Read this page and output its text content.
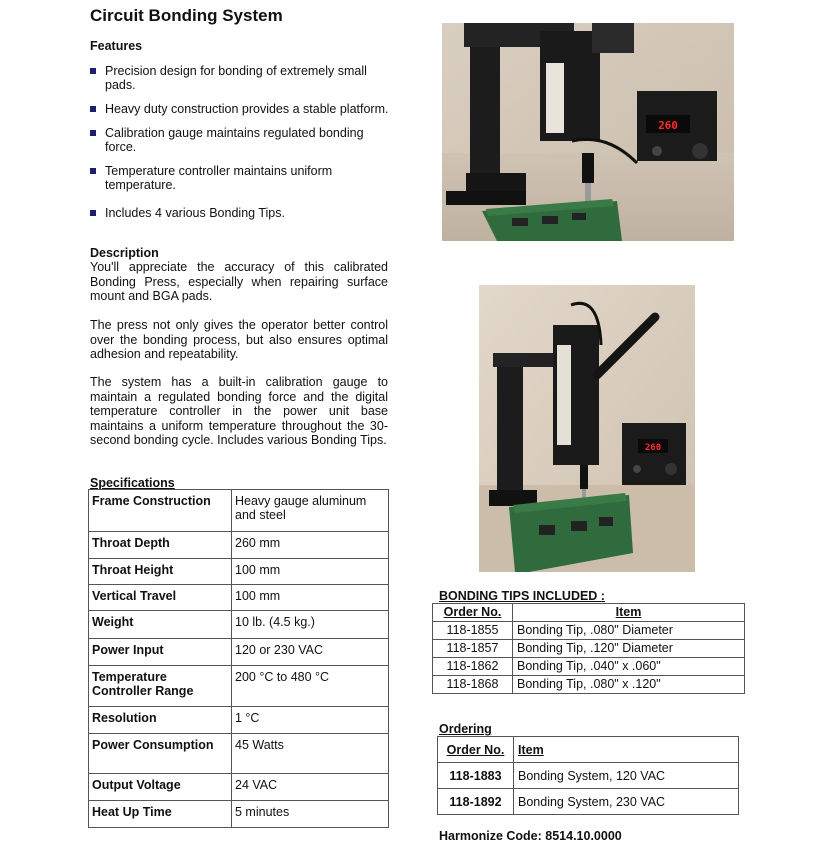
Circuit Bonding System
Features
Precision design for bonding of extremely small pads.
Heavy duty construction provides a stable platform.
Calibration gauge maintains regulated bonding force.
Temperature controller maintains uniform temperature.
Includes 4 various Bonding Tips.
Description

You'll appreciate the accuracy of this calibrated Bonding Press, especially when repairing surface mount and BGA pads.

The press not only gives the operator better control over the bonding process, but also ensures optimal adhesion and repeatability.

The system has a built-in calibration gauge to maintain a regulated bonding force and the digital temperature controller in the power unit base maintains a uniform temperature throughout the 30-second bonding cycle. Includes various Bonding Tips.

Specifications
Frame Construction	Heavy gauge aluminum and steel
Throat Depth	260 mm
Throat Height	100 mm
Vertical Travel	100 mm
Weight	10 lb. (4.5 kg.)
Power Input	120 or 230 VAC
Temperature Controller Range	200 °C to 480 °C
Resolution	1 °C
Power Consumption	45 Watts
Output Voltage	24 VAC
Heat Up Time	5 minutes
260
260
BONDING TIPS INCLUDED :
Order No.	Item
118-1855	Bonding Tip, .080" Diameter
118-1857	Bonding Tip, .120" Diameter
118-1862	Bonding Tip, .040" x .060"
118-1868	Bonding Tip, .080" x .120"
Ordering
Order No.	Item
118-1883	Bonding System, 120 VAC
118-1892	Bonding System, 230 VAC
Harmonize Code: 8514.10.0000
